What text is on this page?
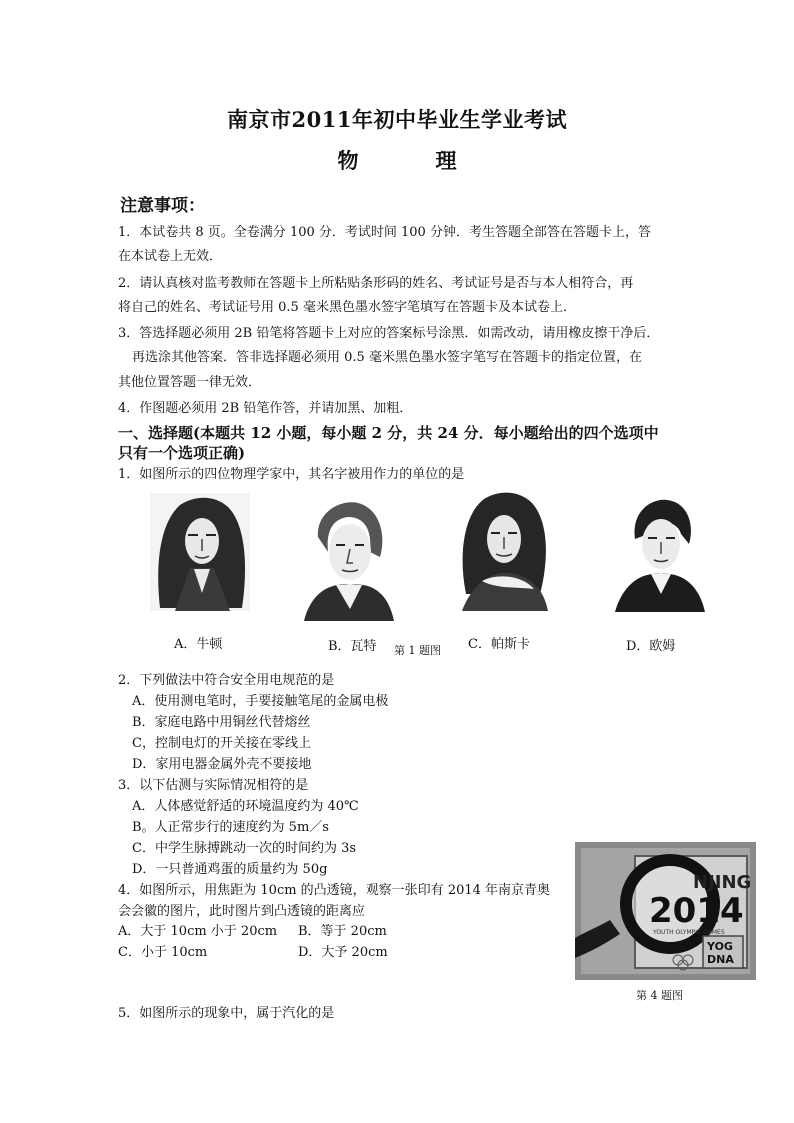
南京市2011年初中毕业生学业考试
物　理
注意事项：
1．本试卷共 8 页。全卷满分 100 分．考试时间 100 分钟．考生答题全部答在答题卡上，答
在本试卷上无效．
2．请认真核对监考教师在答题卡上所粘贴条形码的姓名、考试证号是否与本人相符合，再
将自己的姓名、考试证号用 0.5 毫米黑色墨水签字笔填写在答题卡及本试卷上．
3．答选择题必须用 2B 铅笔将答题卡上对应的答案标号涂黑．如需改动，请用橡皮擦干净后．
再选涂其他答案．答非选择题必须用 0.5 毫米黑色墨水签字笔写在答题卡的指定位置，在
其他位置答题一律无效．
4．作图题必须用 2B 铅笔作答，并请加黑、加粗．
一、选择题(本题共 12 小题，每小题 2 分，共 24 分．每小题给出的四个选项中
只有一个选项正确)
1．如图所示的四位物理学家中，其名字被用作力的单位的是
A．牛顿	B．瓦特 第 1 题图 C．帕斯卡	D．欧姆
2．下列做法中符合安全用电规范的是
A．使用测电笔时，手要接触笔尾的金属电极
B．家庭电路中用铜丝代替熔丝
C，控制电灯的开关接在零线上
D．家用电器金属外壳不要接地
3．以下估测与实际情况相符的是
A．人体感觉舒适的环境温度约为 40℃
B。人正常步行的速度约为 5m／s
C．中学生脉搏跳动一次的时间约为 3s
D．一只普通鸡蛋的质量约为 50g
4．如图所示，用焦距为 10cm 的凸透镜，观察一张印有 2014 年南京青奥
会会徽的图片，此时图片到凸透镜的距离应
A．大于 10cm 小于 20cm B．等于 20cm
C．小于 10cm	D．大予 20cm
NJING
2014
YOUTH OLYMPIC GAMES
YOG
DNA
第 4 题图
5．如图所示的现象中，属于汽化的是
